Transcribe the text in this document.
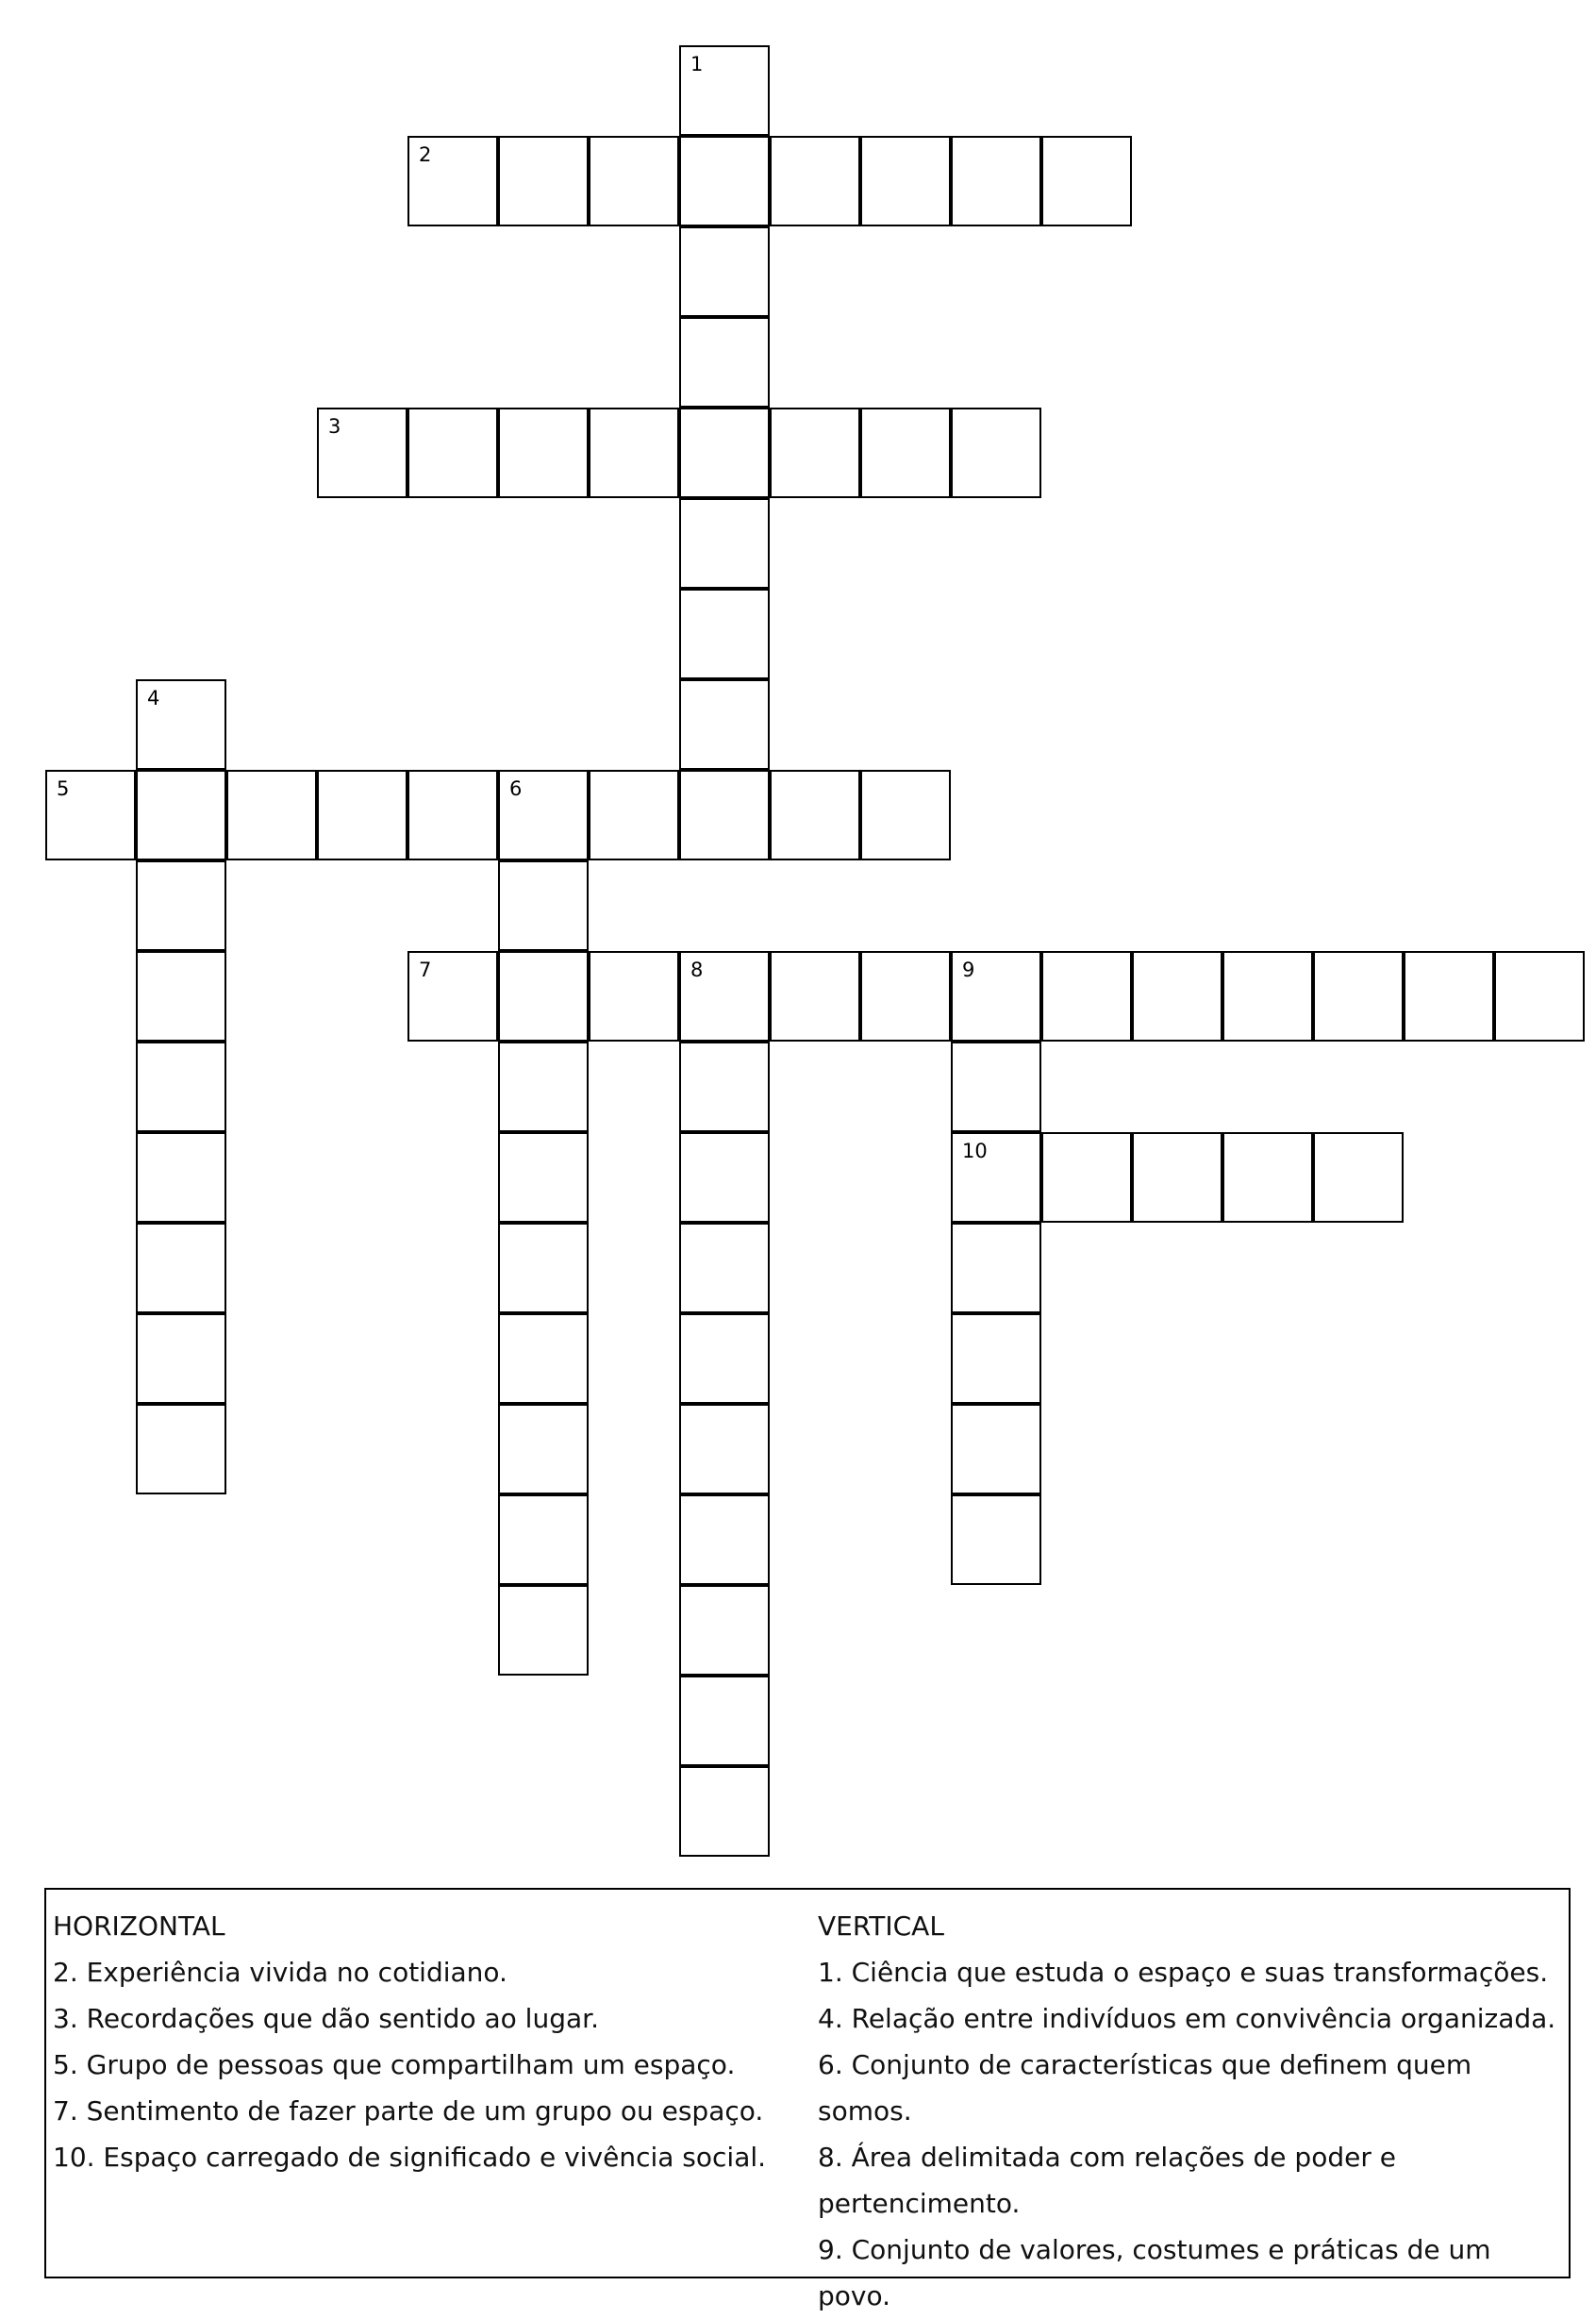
1
2
3
4
5	6
7	8	9
10

HORIZONTAL

2. Experiência vivida no cotidiano.

3. Recordações que dão sentido ao lugar.

5. Grupo de pessoas que compartilham um espaço.

7. Sentimento de fazer parte de um grupo ou espaço.

10. Espaço carregado de significado e vivência social.

VERTICAL

1. Ciência que estuda o espaço e suas transformações.

4. Relação entre indivíduos em convivência organizada.

6. Conjunto de características que definem quem somos.

8. Área delimitada com relações de poder e

pertencimento.

9. Conjunto de valores, costumes e práticas de um povo.
